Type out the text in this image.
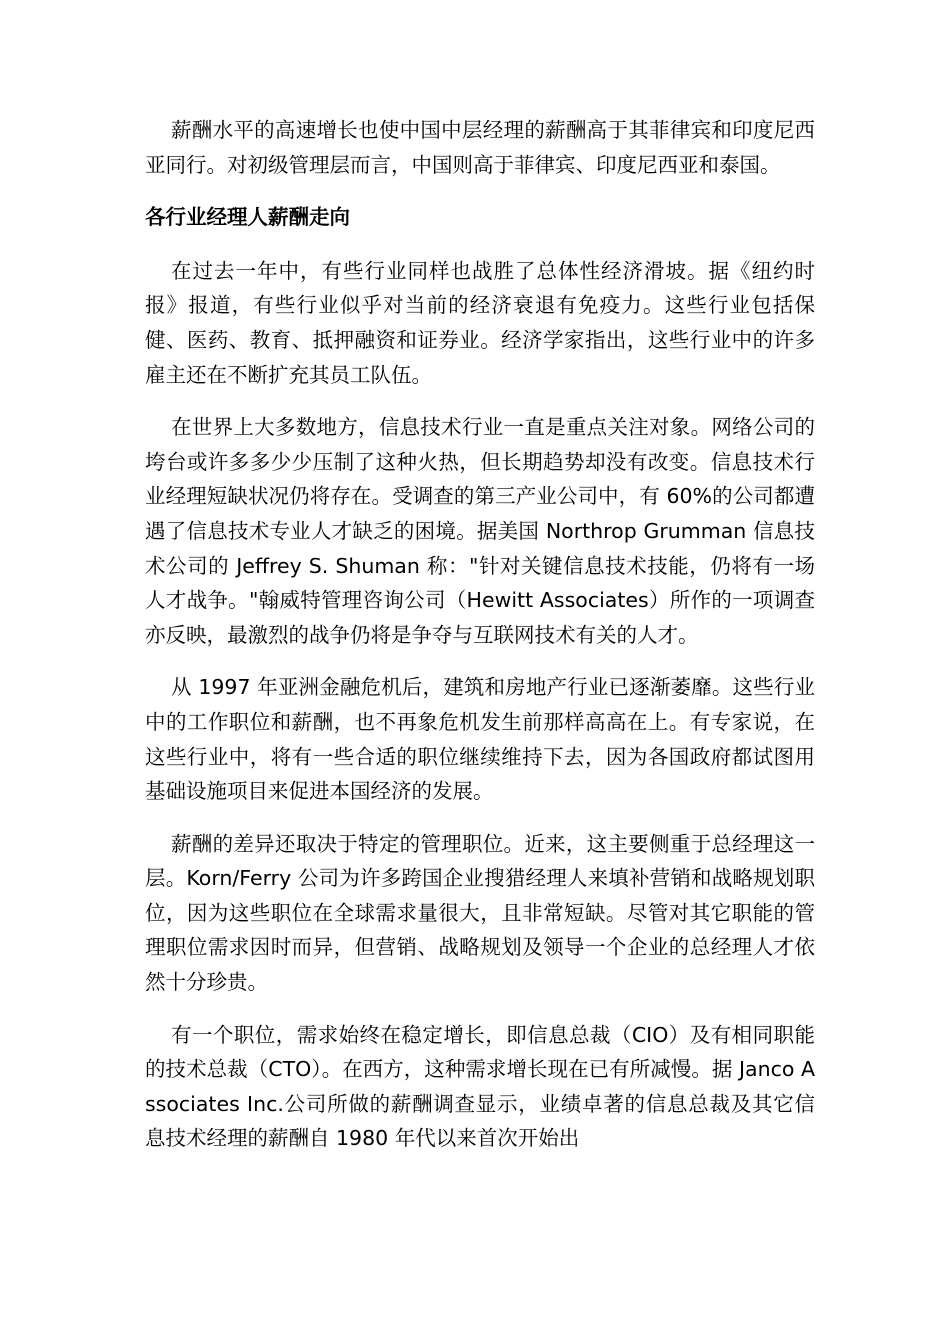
薪酬水平的高速增长也使中国中层经理的薪酬高于其菲律宾和印度尼西亚同行。对初级管理层而言，中国则高于菲律宾、印度尼西亚和泰国。

各行业经理人薪酬走向

在过去一年中，有些行业同样也战胜了总体性经济滑坡。据《纽约时报》报道，有些行业似乎对当前的经济衰退有免疫力。这些行业包括保健、医药、教育、抵押融资和证券业。经济学家指出，这些行业中的许多雇主还在不断扩充其员工队伍。

在世界上大多数地方，信息技术行业一直是重点关注对象。网络公司的垮台或许多多少少压制了这种火热，但长期趋势却没有改变。信息技术行业经理短缺状况仍将存在。受调查的第三产业公司中，有 60%的公司都遭遇了信息技术专业人才缺乏的困境。据美国 Northrop Grumman 信息技术公司的 Jeffrey S. Shuman 称："针对关键信息技术技能，仍将有一场人才战争。"翰威特管理咨询公司（Hewitt Associates）所作的一项调查亦反映，最激烈的战争仍将是争夺与互联网技术有关的人才。

从 1997 年亚洲金融危机后，建筑和房地产行业已逐渐萎靡。这些行业中的工作职位和薪酬，也不再象危机发生前那样高高在上。有专家说，在这些行业中，将有一些合适的职位继续维持下去，因为各国政府都试图用基础设施项目来促进本国经济的发展。

薪酬的差异还取决于特定的管理职位。近来，这主要侧重于总经理这一层。Korn/Ferry 公司为许多跨国企业搜猎经理人来填补营销和战略规划职位，因为这些职位在全球需求量很大，且非常短缺。尽管对其它职能的管理职位需求因时而异，但营销、战略规划及领导一个企业的总经理人才依然十分珍贵。

有一个职位，需求始终在稳定增长，即信息总裁（CIO）及有相同职能的技术总裁（CTO）。在西方，这种需求增长现在已有所减慢。据 Janco Associates Inc.公司所做的薪酬调查显示，业绩卓著的信息总裁及其它信息技术经理的薪酬自 1980 年代以来首次开始出
